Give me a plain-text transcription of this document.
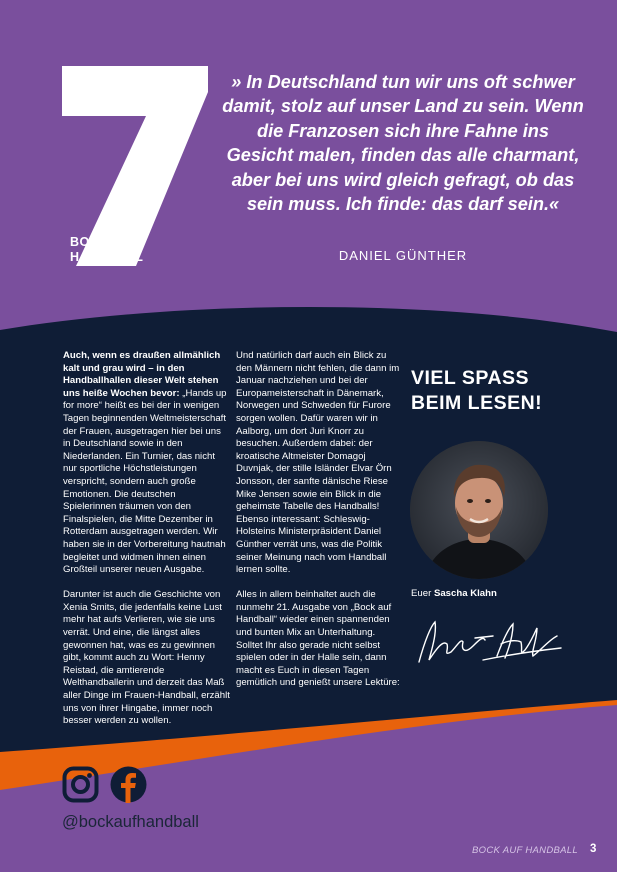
BOCK AUF
HANDBALL
» In Deutschland tun wir uns oft schwer damit, stolz auf unser Land zu sein. Wenn die Franzosen sich ihre Fahne ins Gesicht malen, finden das alle charmant, aber bei uns wird gleich gefragt, ob das sein muss. Ich finde: das darf sein.«
DANIEL GÜNTHER

Auch, wenn es draußen allmählich kalt und grau wird – in den Handballhallen dieser Welt stehen uns heiße Wochen bevor: „Hands up for more“ heißt es bei der in wenigen Tagen beginnenden Weltmeisterschaft der Frauen, ausgetragen hier bei uns in Deutschland sowie in den Niederlanden. Ein Turnier, das nicht nur sportliche Höchstleistungen verspricht, sondern auch große Emotionen. Die deutschen Spielerinnen träumen von den Finalspielen, die Mitte Dezember in Rotterdam ausgetragen werden. Wir haben sie in der Vorbereitung hautnah begleitet und widmen ihnen einen Großteil unserer neuen Ausgabe.

Darunter ist auch die Geschichte von Xenia Smits, die jedenfalls keine Lust mehr hat aufs Verlieren, wie sie uns verrät. Und eine, die längst alles gewonnen hat, was es zu gewinnen gibt, kommt auch zu Wort: Henny Reistad, die amtierende Welthandballerin und derzeit das Maß aller Dinge im Frauen-Handball, erzählt uns von ihrer Hingabe, immer noch besser werden zu wollen.

Und natürlich darf auch ein Blick zu den Männern nicht fehlen, die dann im Januar nachziehen und bei der Europameisterschaft in Dänemark, Norwegen und Schweden für Furore sorgen wollen. Dafür waren wir in Aalborg, um dort Juri Knorr zu besuchen. Außerdem dabei: der kroatische Altmeister Domagoj Duvnjak, der stille Isländer Elvar Örn Jonsson, der sanfte dänische Riese Mike Jensen sowie ein Blick in die geheimste Tabelle des Handballs! Ebenso interessant: Schleswig-Holsteins Ministerpräsident Daniel Günther verrät uns, was die Politik seiner Meinung nach vom Handball lernen sollte.

Alles in allem beinhaltet auch die nunmehr 21. Ausgabe von „Bock auf Handball“ wieder einen spannenden und bunten Mix an Unterhaltung. Solltet Ihr also gerade nicht selbst spielen oder in der Halle sein, dann macht es Euch in diesen Tagen gemütlich und genießt unsere Lektüre:

VIEL SPASS
BEIM LESEN!
Euer Sascha Klahn
@bockaufhandball
BOCK AUF HANDBALL 3
